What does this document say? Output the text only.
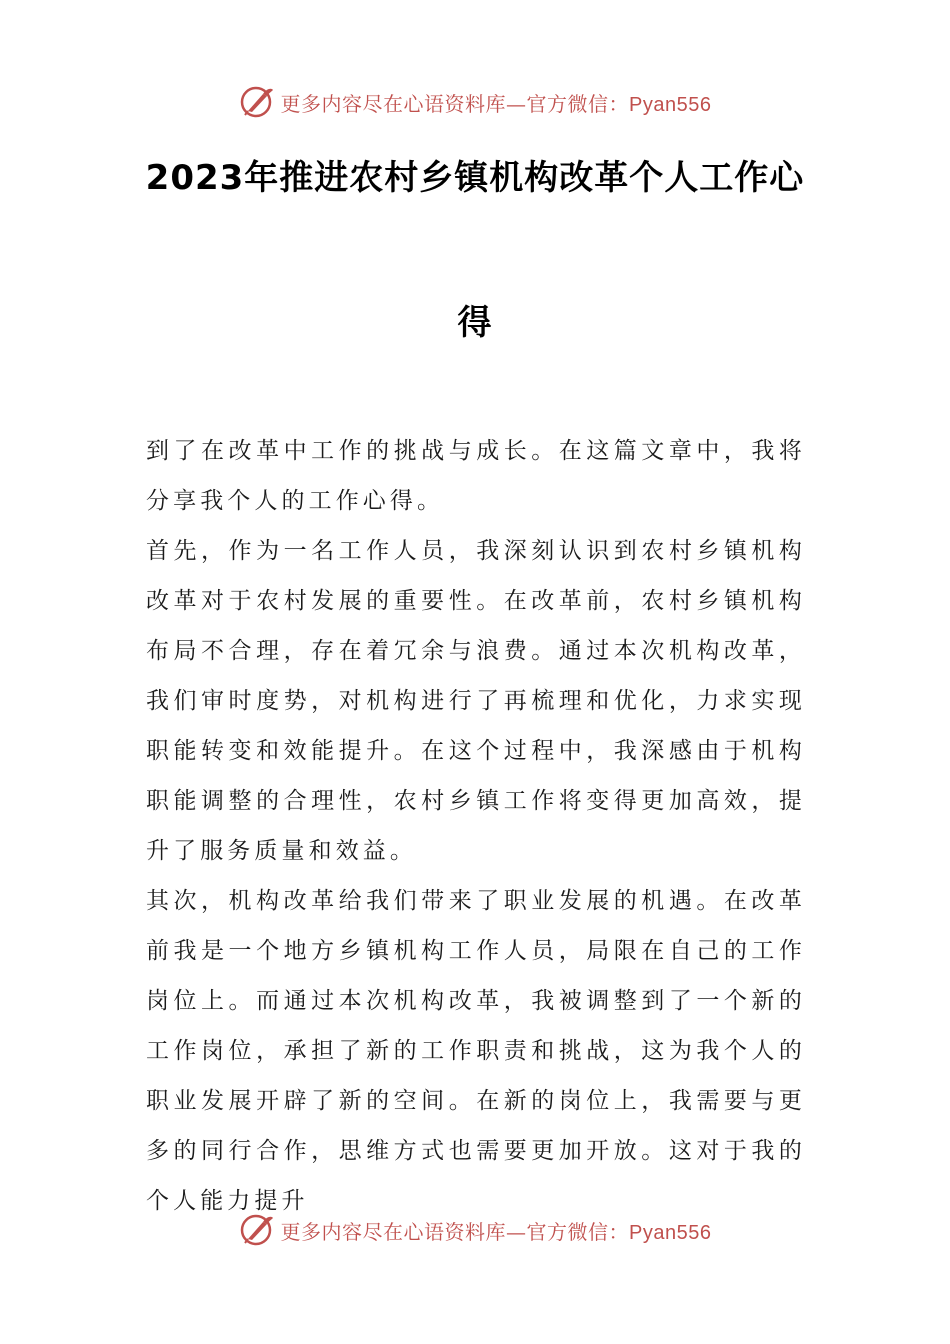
更多内容尽在心语资料库—官方微信：Pyan556
2023年推进农村乡镇机构改革个人工作心
得

到了在改革中工作的挑战与成长。在这篇文章中，我将分享我个人的工作心得。

首先，作为一名工作人员，我深刻认识到农村乡镇机构改革对于农村发展的重要性。在改革前，农村乡镇机构布局不合理，存在着冗余与浪费。通过本次机构改革，我们审时度势，对机构进行了再梳理和优化，力求实现职能转变和效能提升。在这个过程中，我深感由于机构职能调整的合理性，农村乡镇工作将变得更加高效，提升了服务质量和效益。

其次，机构改革给我们带来了职业发展的机遇。在改革前我是一个地方乡镇机构工作人员，局限在自己的工作岗位上。而通过本次机构改革，我被调整到了一个新的工作岗位，承担了新的工作职责和挑战，这为我个人的职业发展开辟了新的空间。在新的岗位上，我需要与更多的同行合作，思维方式也需要更加开放。这对于我的个人能力提升

更多内容尽在心语资料库—官方微信：Pyan556
